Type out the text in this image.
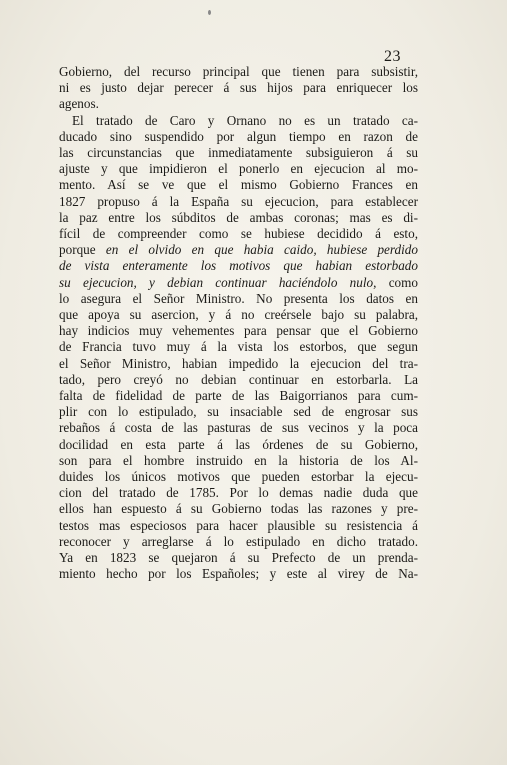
23
Gobierno, del recurso principal que tienen para subsistir,
ni es justo dejar perecer á sus hijos para enriquecer los
agenos.
El tratado de Caro y Ornano no es un tratado ca-
ducado sino suspendido por algun tiempo en razon de
las circunstancias que inmediatamente subsiguieron á su
ajuste y que impidieron el ponerlo en ejecucion al mo-
mento. Así se ve que el mismo Gobierno Frances en
1827 propuso á la España su ejecucion, para establecer
la paz entre los súbditos de ambas coronas; mas es di-
fícil de compreender como se hubiese decidido á esto,
porque en el olvido en que habia caido, hubiese perdido
de vista enteramente los motivos que habian estorbado
su ejecucion, y debian continuar haciéndolo nulo, como
lo asegura el Señor Ministro. No presenta los datos en
que apoya su asercion, y á no creérsele bajo su palabra,
hay indicios muy vehementes para pensar que el Gobierno
de Francia tuvo muy á la vista los estorbos, que segun
el Señor Ministro, habian impedido la ejecucion del tra-
tado, pero creyó no debian continuar en estorbarla. La
falta de fidelidad de parte de las Baigorrianos para cum-
plir con lo estipulado, su insaciable sed de engrosar sus
rebaños á costa de las pasturas de sus vecinos y la poca
docilidad en esta parte á las órdenes de su Gobierno,
son para el hombre instruido en la historia de los Al-
duides los únicos motivos que pueden estorbar la ejecu-
cion del tratado de 1785. Por lo demas nadie duda que
ellos han espuesto á su Gobierno todas las razones y pre-
testos mas especiosos para hacer plausible su resistencia á
reconocer y arreglarse á lo estipulado en dicho tratado.
Ya en 1823 se quejaron á su Prefecto de un prenda-
miento hecho por los Españoles; y este al virey de Na-
